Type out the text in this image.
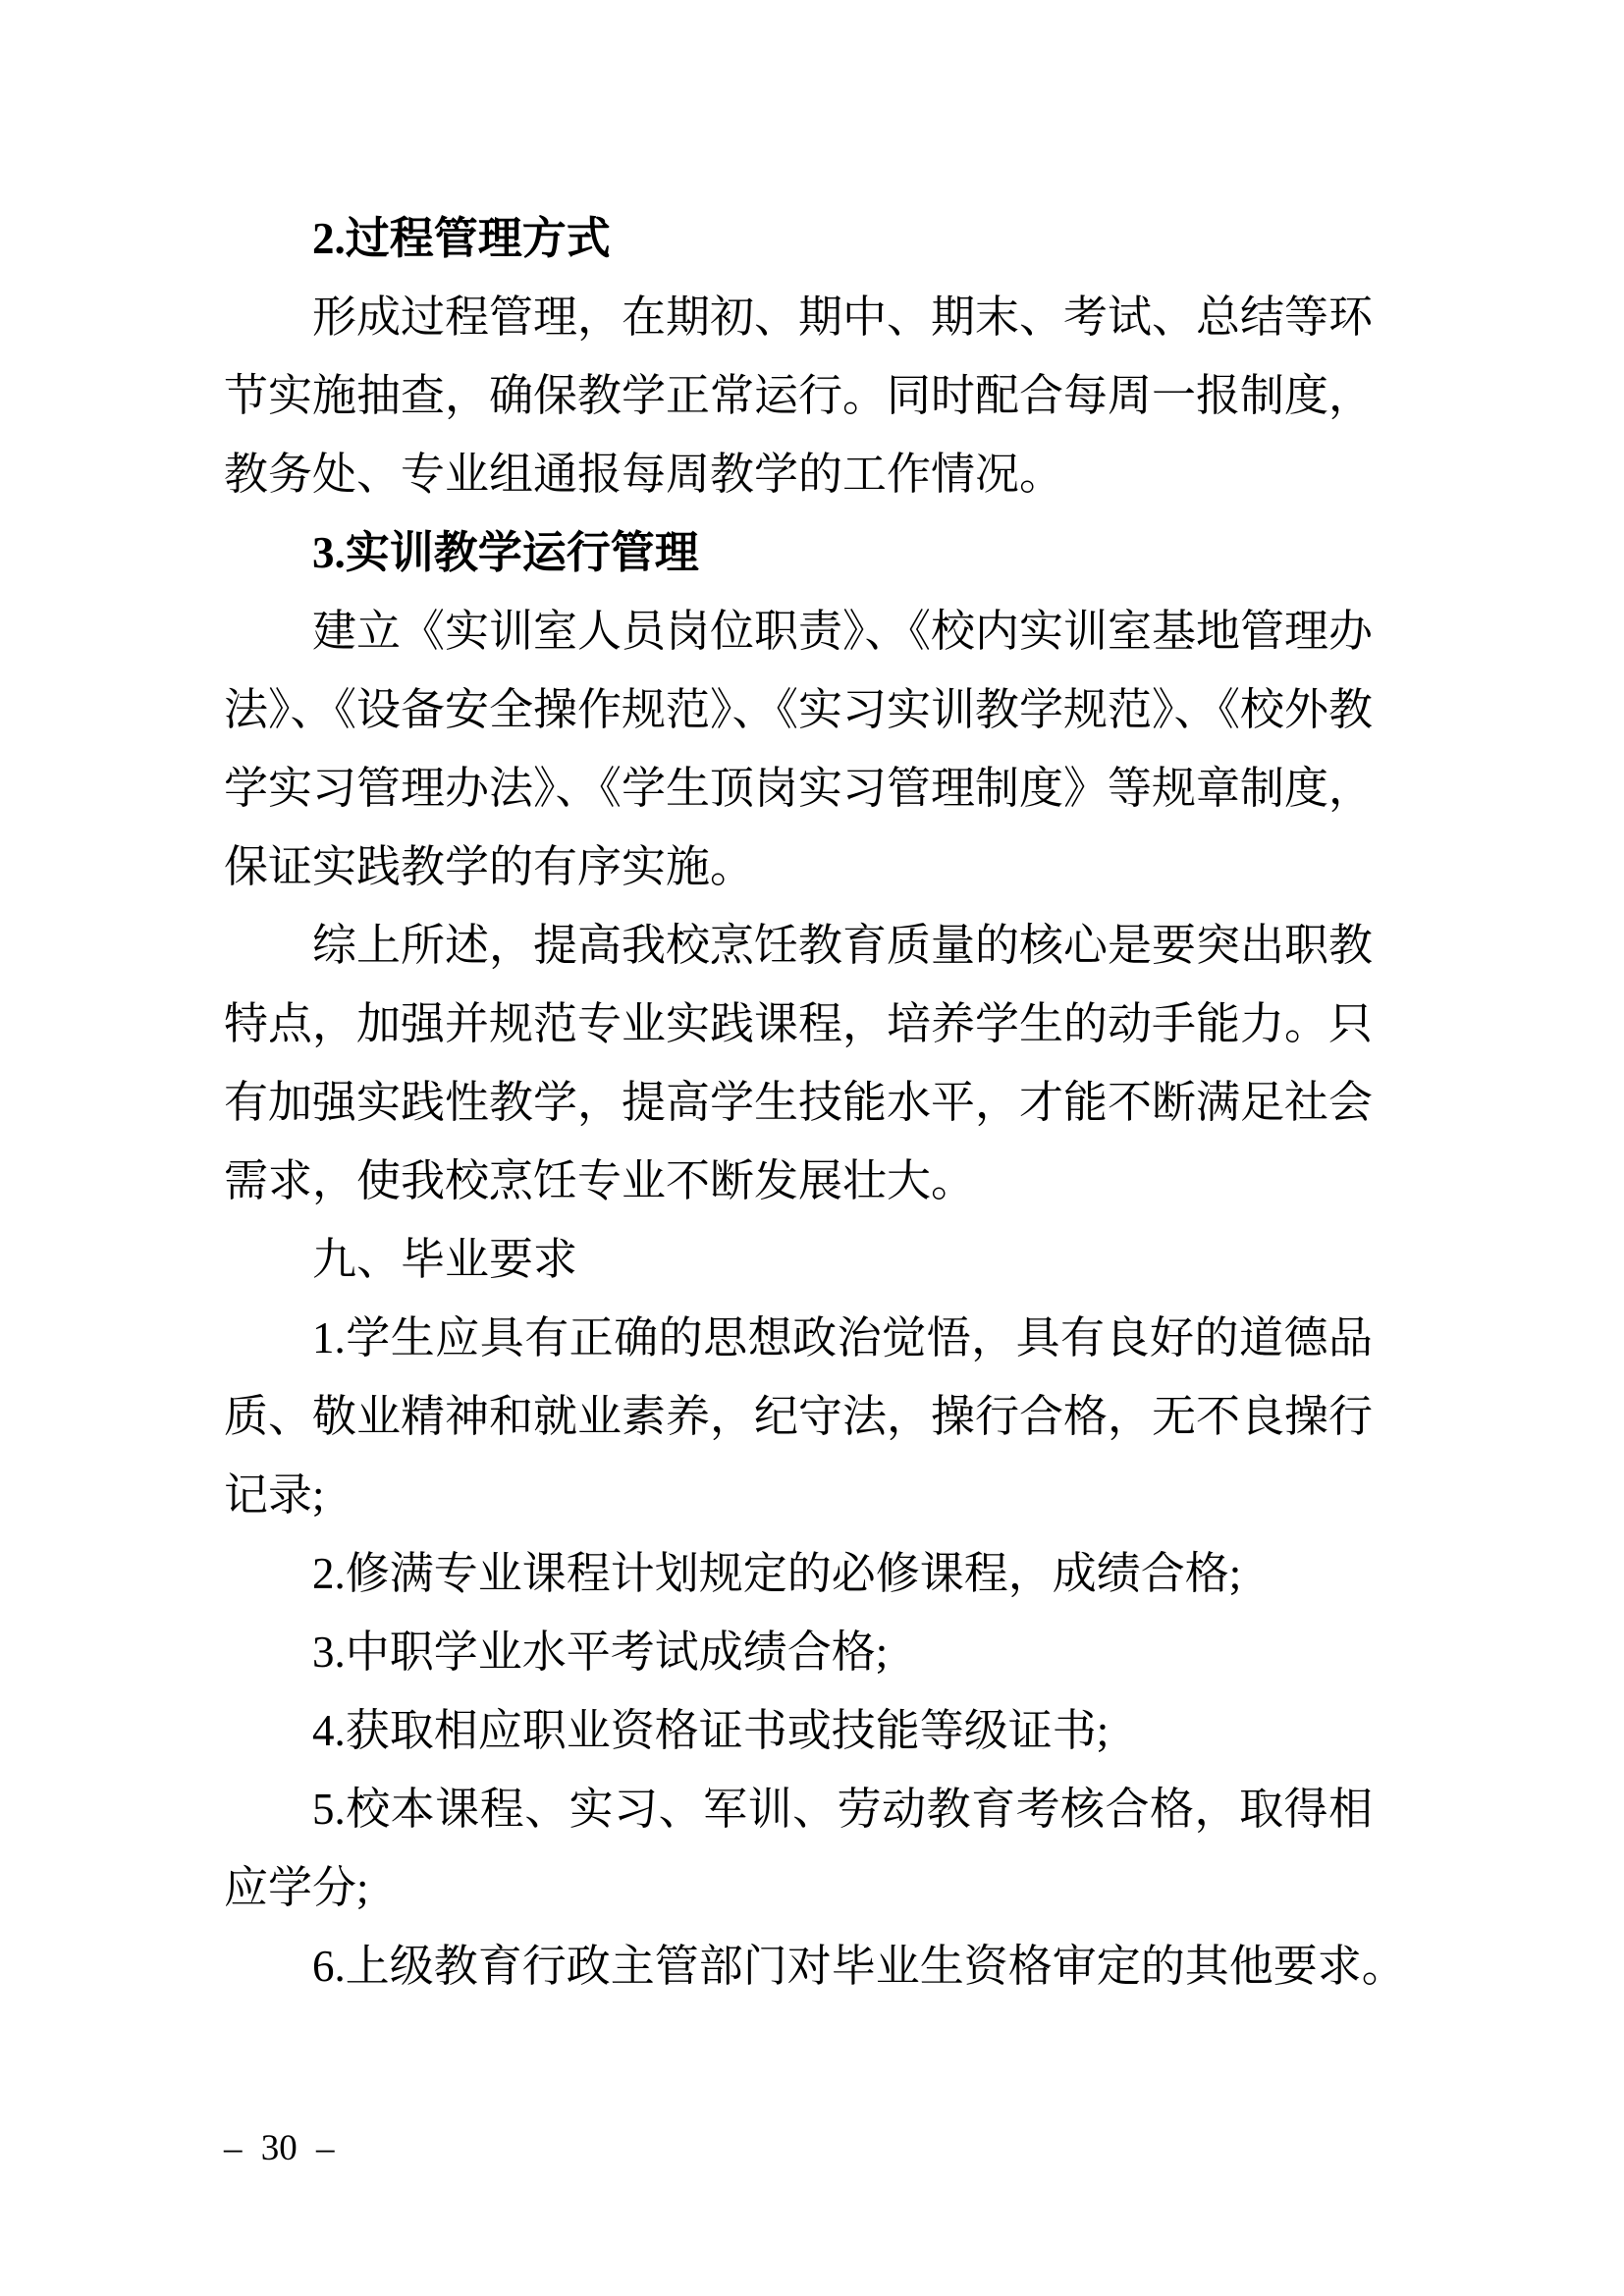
2.过程管理方式

形成过程管理，在期初、期中、期末、考试、总结等环节实施抽查，确保教学正常运行。同时配合每周一报制度，教务处、专业组通报每周教学的工作情况。

3.实训教学运行管理

建立《实训室人员岗位职责》、《校内实训室基地管理办法》、《设备安全操作规范》、《实习实训教学规范》、《校外教学实习管理办法》、《学生顶岗实习管理制度》等规章制度，保证实践教学的有序实施。

综上所述，提高我校烹饪教育质量的核心是要突出职教特点，加强并规范专业实践课程，培养学生的动手能力。只有加强实践性教学，提高学生技能水平，才能不断满足社会需求，使我校烹饪专业不断发展壮大。

九、毕业要求

1.学生应具有正确的思想政治觉悟，具有良好的道德品质、敬业精神和就业素养，纪守法，操行合格，无不良操行记录;

2.修满专业课程计划规定的必修课程，成绩合格;

3.中职学业水平考试成绩合格;

4.获取相应职业资格证书或技能等级证书;

5.校本课程、实习、军训、劳动教育考核合格，取得相应学分;

6.上级教育行政主管部门对毕业生资格审定的其他要求。

– 30 –
